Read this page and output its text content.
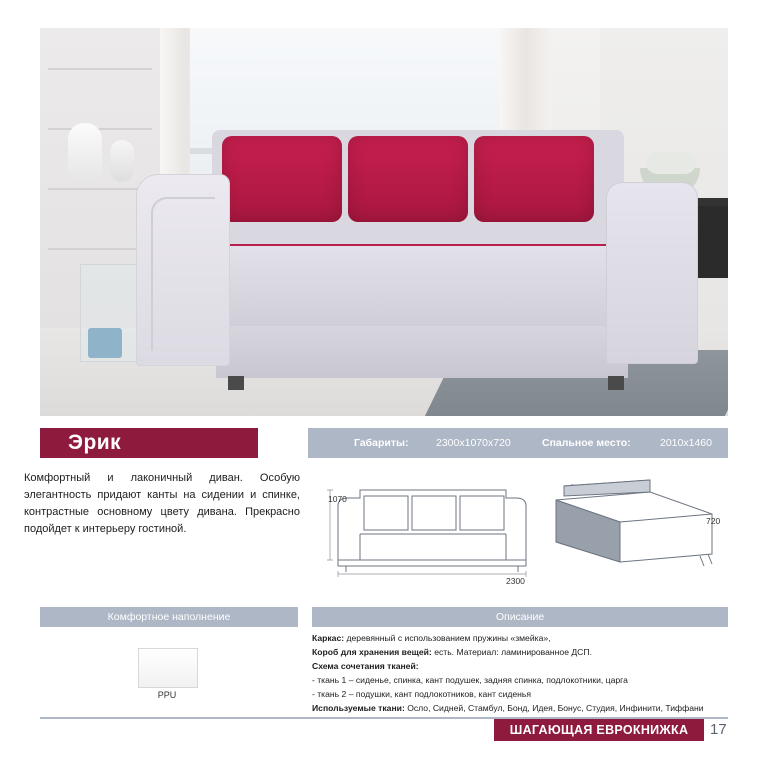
Эрик	Габариты:	2300x1070x720	Спальное место:	2010x1460
Комфортный и лаконичный диван. Особую элегантность придают канты на сидении и спинке, контрастные основному цвету дивана. Прекрасно подойдет к интерьеру гостиной.
1070
720
2300
Комфортное наполнение	Описание
PPU
Каркас: деревянный с использованием пружины «змейка»,
Короб для хранения вещей: есть. Материал: ламинированное ДСП.
Схема сочетания тканей:
- ткань 1 – сиденье, спинка, кант подушек, задняя спинка, подлокотники, царга
- ткань 2 – подушки, кант подлокотников, кант сиденья
Используемые ткани: Осло, Сидней, Стамбул, Бонд, Идея, Бонус, Студия, Инфинити, Тиффани
ШАГАЮЩАЯ ЕВРОКНИЖКА	17
